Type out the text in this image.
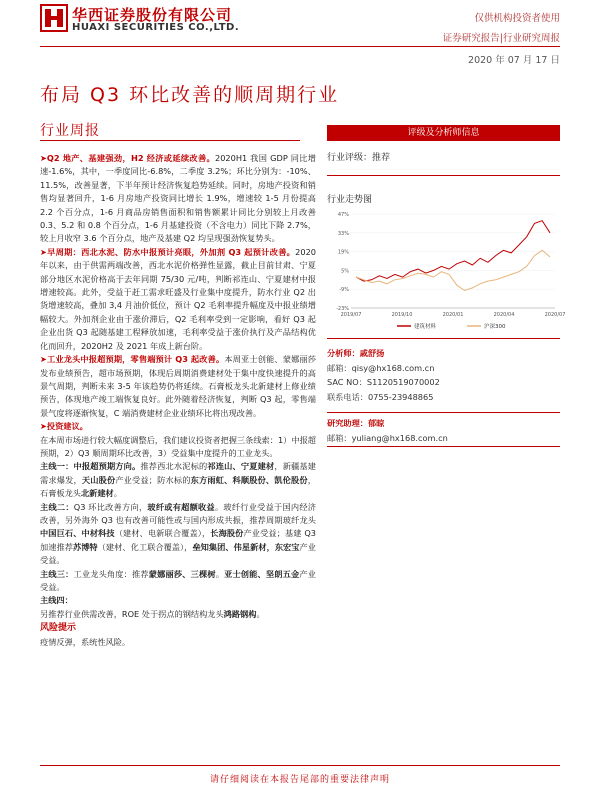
华西证券股份有限公司
HUAXI SECURITIES CO.,LTD.
仅供机构投资者使用
证券研究报告|行业研究周报
2020 年 07 月 17 日
布局 Q3 环比改善的顺周期行业
行业周报

➤Q2 地产、基建强劲，H2 经济或延续改善。2020H1 我国 GDP 同比增速-1.6%，其中，一季度同比-6.8%，二季度 3.2%；环比分别为：-10%、11.5%，改善显著，下半年预计经济恢复趋势延续。同时，房地产投资和销售均显著回升，1-6 月房地产投资同比增长 1.9%，增速较 1-5 月份提高 2.2 个百分点，1-6 月商品房销售面积和销售额累计同比分别较上月改善 0.3、5.2 和 0.8 个百分点，1-6 月基建投资（不含电力）同比下降 2.7%，较上月收窄 3.6 个百分点，地产及基建 Q2 均呈现强劲恢复势头。

➤早周期：西北水泥、防水中报预计亮眼，外加剂 Q3 起预计改善。2020 年以来，由于供需两端改善，西北水泥价格弹性显露，截止目前甘肃、宁夏部分地区水泥价格高于去年同期 75/30 元/吨，判断祁连山、宁夏建材中报增速较高。此外，受益于赶工需求旺盛及行业集中度提升，防水行业 Q2 出货增速较高，叠加 3,4 月油价低位，预计 Q2 毛利率提升幅度及中报业绩增幅较大。外加剂企业由于涨价滞后，Q2 毛利率受到一定影响，看好 Q3 起企业出货 Q3 起随基建工程释放加速，毛利率受益于涨价执行及产品结构优化而回升，2020H2 及 2021 年成上新台阶。

➤工业龙头中报超预期，零售端预计 Q3 起改善。本周亚士创能、蒙娜丽莎发布业绩预告，超市场预期，体现后周期消费建材处于集中度快速提升的高景气周期，判断未来 3-5 年该趋势仍将延续。石膏板龙头北新建材上修业绩预告，体现地产竣工端恢复良好。此外随着经济恢复，判断 Q3 起，零售端景气度将逐渐恢复，C 端消费建材企业业绩环比将出现改善。

➤投资建议。

在本周市场进行较大幅度调整后，我们建议投资者把握三条线索：1）中报超预期，2）Q3 顺周期环比改善，3）受益集中度提升的工业龙头。

主线一：中报超预期方向。推荐西北水泥标的祁连山、宁夏建材，新疆基建需求爆发，天山股份产业受益；防水标的东方雨虹、科顺股份、凯伦股份，石膏板龙头北新建材。

主线二：Q3 环比改善方向，玻纤或有超额收益。玻纤行业受益于国内经济改善，另外海外 Q3 也有改善可能性或与国内形成共振，推荐周期玻纤龙头中国巨石、中材科技（建材、电新联合覆盖），长海股份产业受益；基建 Q3 加速推荐苏博特（建材、化工联合覆盖），垒知集团、伟星新材，东宏宝产业受益。

主线三：工业龙头角度：推荐蒙娜丽莎、三棵树。亚士创能、坚朗五金产业受益。

主线四：

另推荐行业供需改善，ROE 处于拐点的钢结构龙头鸿路钢构。

风险提示

疫情反弹，系统性风险。

评级及分析师信息
行业评级：推荐
行业走势图
47%
33%
19%
5%
-9%
-23%
2019/07	2019/10	2020/01	2020/04	2020/07
建筑材料	沪深300
分析师：戚舒扬
邮箱：qisy@hx168.com.cn
SAC NO：S1120519070002
联系电话：0755-23948865
研究助理：郁晾
邮箱：yuliang@hx168.com.cn
请仔细阅读在本报告尾部的重要法律声明
